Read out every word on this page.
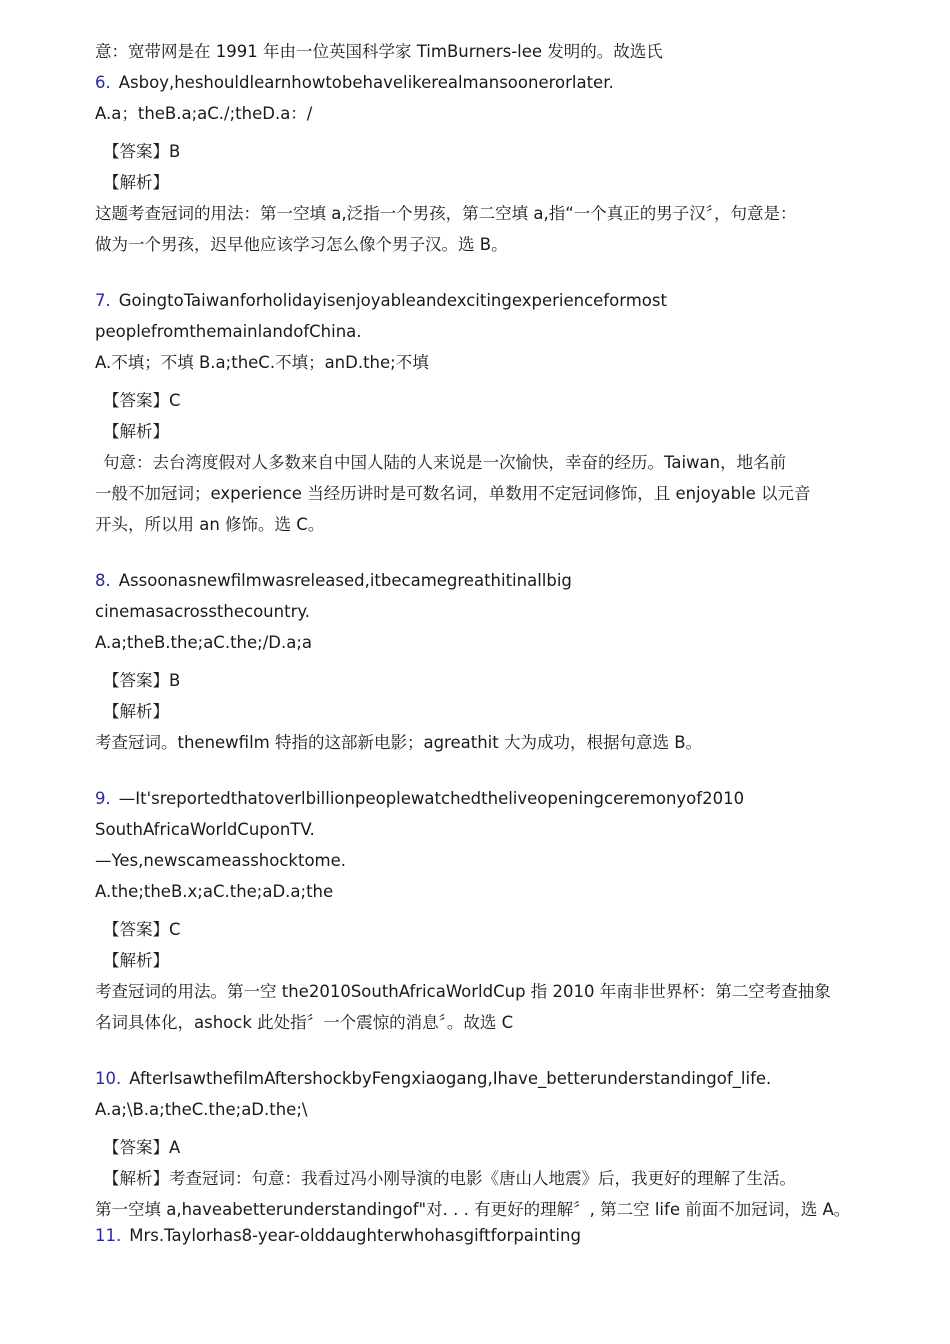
意：宽带网是在 1991 年由一位英国科学家 TimBurners-lee 发明的。故选氏
6. Asboy,heshouldlearnhowtobehavelikerealmansoonerorlater.
A.a；theB.a;aC./;theD.a：/
【答案】B
【解析】
这题考查冠词的用法：第一空填 a,泛指一个男孩，第二空填 a,指“一个真正的男子汉〞，句意是：
做为一个男孩，迟早他应该学习怎么像个男子汉。选 B。
7. GoingtoTaiwanforholidayisenjoyableandexcitingexperienceformost
peoplefromthemainlandofChina.
A.不填；不填 B.a;theC.不填；anD.the;不填
【答案】C
【解析】
句意：去台湾度假对人多数来自中国人陆的人来说是一次愉快，幸奋的经历。Taiwan，地名前
一般不加冠词；experience 当经历讲时是可数名词，单数用不定冠词修饰，且 enjoyable 以元音
开头，所以用 an 修饰。选 C。
8. Assoonasnewfilmwasreleased,itbecamegreathitinallbig
cinemasacrossthecountry.
A.a;theB.the;aC.the;/D.a;a
【答案】B
【解析】
考查冠词。thenewfilm 特指的这部新电影；agreathit 大为成功，根据句意选 B。
9. —It'sreportedthatoverlbillionpeoplewatchedtheliveopeningceremonyof2010
SouthAfricaWorldCuponTV.
—Yes,newscameasshocktome.
A.the;theB.x;aC.the;aD.a;the
【答案】C
【解析】
考查冠词的用法。第一空 the2010SouthAfricaWorldCup 指 2010 年南非世界杯：第二空考查抽象
名词具体化，ashock 此处指〞一个震惊的消息〞。故选 C
10. AfterIsawthefilmAftershockbyFengxiaogang,Ihave_betterunderstandingof_life.
A.a;\B.a;theC.the;aD.the;\
【答案】A
【解析】考查冠词：句意：我看过冯小刚导演的电影《唐山人地震》后，我更好的理解了生活。
第一空填 a,haveabetterunderstandingof"对. . . 有更好的理解〞, 第二空 life 前面不加冠词，选 A。
11. Mrs.Taylorhas8-year-olddaughterwhohasgiftforpainting
